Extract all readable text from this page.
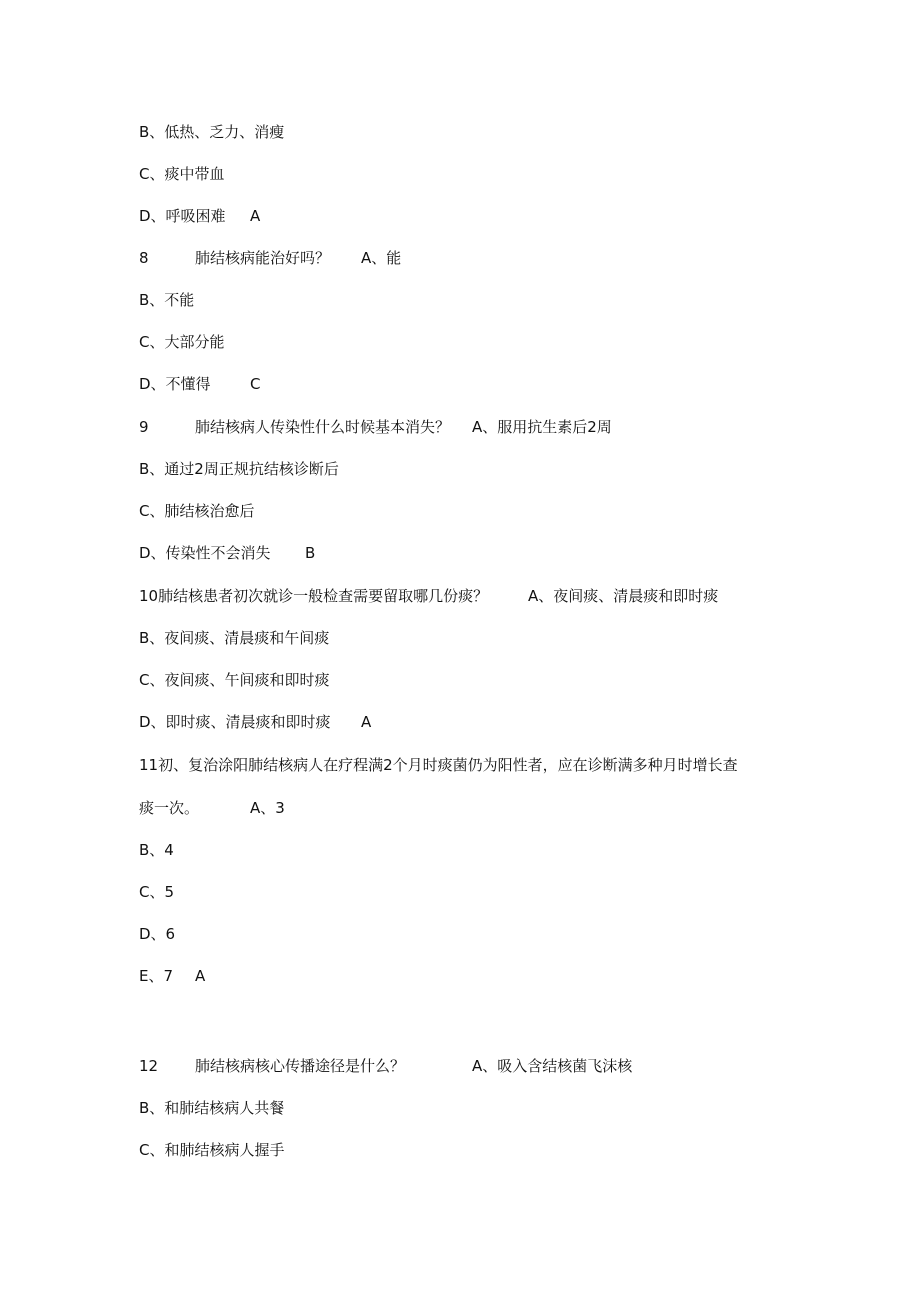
B、低热、乏力、消瘦
C、痰中带血
D、呼吸困难 A
8	肺结核病能治好吗？ A、能
B、不能
C、大部分能
D、不懂得	C
9	肺结核病人传染性什么时候基本消失？ A、服用抗生素后2周
B、通过2周正规抗结核诊断后
C、肺结核治愈后
D、传染性不会消失 B
10肺结核患者初次就诊一般检查需要留取哪几份痰？	A、夜间痰、清晨痰和即时痰
B、夜间痰、清晨痰和午间痰
C、夜间痰、午间痰和即时痰
D、即时痰、清晨痰和即时痰 A
11初、复治涂阳肺结核病人在疗程满2个月时痰菌仍为阳性者，应在诊断满多种月时增长查
痰一次。	A、3
B、4
C、5
D、6
E、7 A
12 肺结核病核心传播途径是什么？	A、吸入含结核菌飞沫核
B、和肺结核病人共餐
C、和肺结核病人握手
